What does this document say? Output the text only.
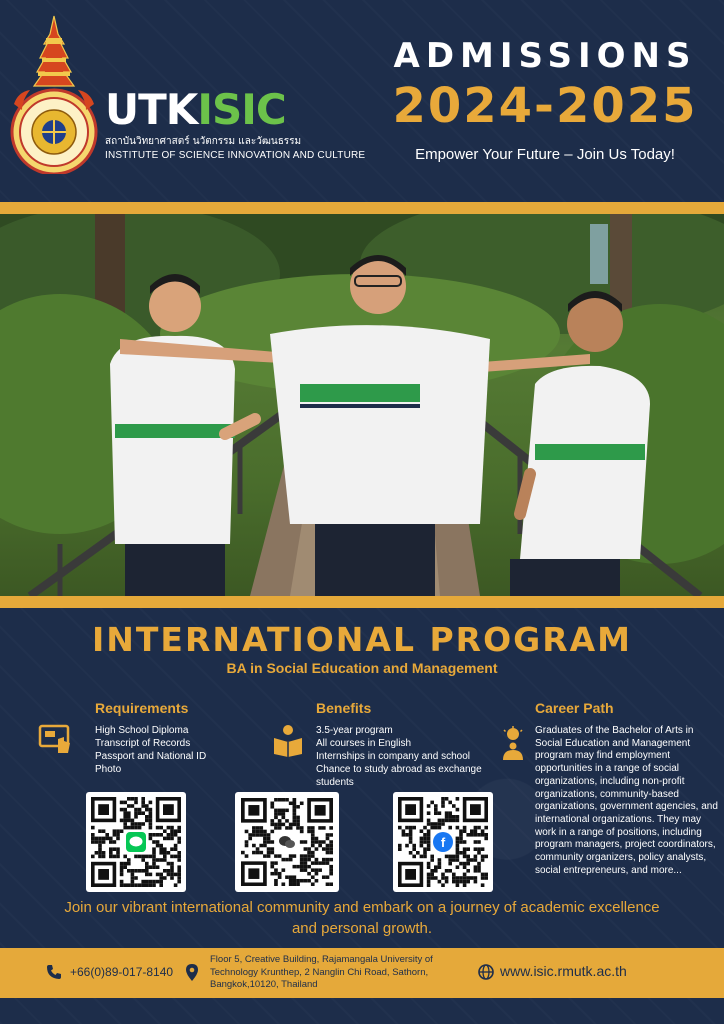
UTK ISIC
สถาบันวิทยาศาสตร์ นวัตกรรม และวัฒนธรรม
INSTITUTE OF SCIENCE INNOVATION AND CULTURE
ADMISSIONS
2024-2025
Empower Your Future – Join Us Today!
INTERNATIONAL PROGRAM
BA in Social Education and Management
Requirements
High School Diploma
Transcript of Records
Passport and National ID
Photo
Benefits
3.5-year program
All courses in English
Internships in company and school
Chance to study abroad as exchange
students
Career Path
Graduates of the Bachelor of Arts in Social Education and Management program may find employment opportunities in a range of social organizations, including non-profit organizations, community-based organizations, government agencies, and international organizations. They may work in a range of positions, including program managers, project coordinators, community organizers, policy analysts, social entrepreneurs, and more...
f
Join our vibrant international community and embark on a journey of academic excellence and personal growth.
+66(0)89-017-8140
Floor 5, Creative Building, Rajamangala University of Technology Krunthep, 2 Nanglin Chi Road, Sathorn, Bangkok,10120, Thailand
www.isic.rmutk.ac.th
